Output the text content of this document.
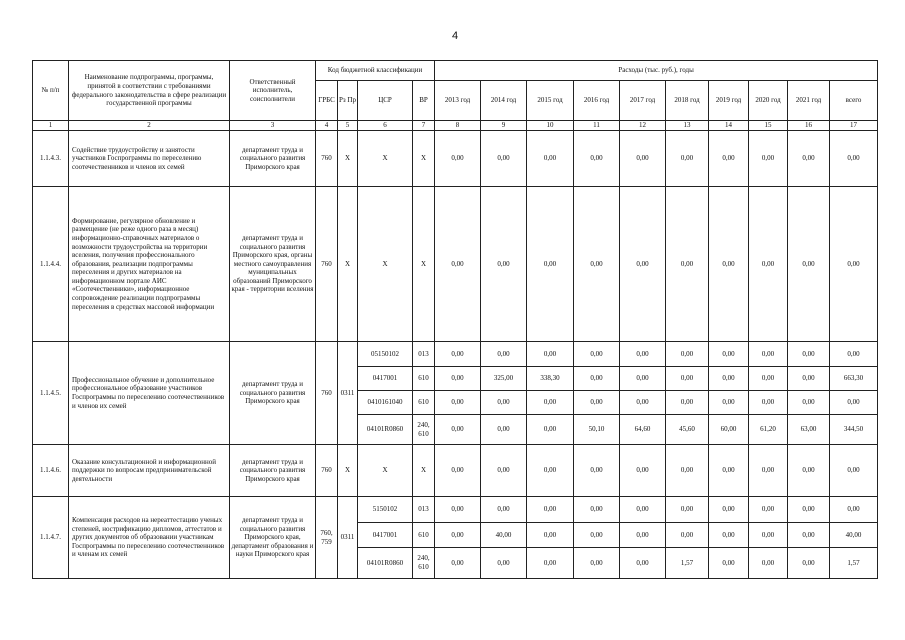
4
№ п/п	Наименование подпрограммы, программы, принятой в соответствии с требованиями федерального законодательства в сфере реализации государственной программы	Ответственный исполнитель, соисполнители	Код бюджетной классификации				Расходы (тыс. руб.), годы									
			ГРБС	Рз Пр	ЦСР	ВР	2013 год	2014 год	2015 год	2016 год	2017 год	2018 год	2019 год	2020 год	2021 год	всего
1	2	3	4	5	6	7	8	9	10	11	12	13	14	15	16	17
1.1.4.3.	Содействие трудоустройству и занятости участников Госпрограммы по переселению соотечественников и членов их семей	департамент труда и социального развития Приморского края	760	X	X	X	0,00	0,00	0,00	0,00	0,00	0,00	0,00	0,00	0,00	0,00
1.1.4.4.	Формирование, регулярное обновление и размещение (не реже одного раза в месяц) информационно-справочных материалов о возможности трудоустройства на территории вселения, получения профессионального образования, реализации подпрограммы переселения и других материалов на информационном портале АИС «Соотечественники», информационное сопровождение реализации подпрограммы переселения в средствах массовой информации	департамент труда и социального развития Приморского края, органы местного самоуправления муниципальных образований Приморского края - территории вселения	760	X	X	X	0,00	0,00	0,00	0,00	0,00	0,00	0,00	0,00	0,00	0,00
1.1.4.5.	Профессиональное обучение и дополнительное профессиональное образование участников Госпрограммы по переселению соотечественников и членов их семей	департамент труда и социального развития Приморского края	760	0311	05150102	013	0,00	0,00	0,00	0,00	0,00	0,00	0,00	0,00	0,00	0,00
					0417001	610	0,00	325,00	338,30	0,00	0,00	0,00	0,00	0,00	0,00	663,30
					0410161040	610	0,00	0,00	0,00	0,00	0,00	0,00	0,00	0,00	0,00	0,00
					04101R0860	240, 610	0,00	0,00	0,00	50,10	64,60	45,60	60,00	61,20	63,00	344,50
1.1.4.6.	Оказание консультационной и информационной поддержки по вопросам предпринимательской деятельности	департамент труда и социального развития Приморского края	760	X	X	X	0,00	0,00	0,00	0,00	0,00	0,00	0,00	0,00	0,00	0,00
1.1.4.7.	Компенсация расходов на нереаттестацию ученых степеней, нострификацию дипломов, аттестатов и других документов об образовании участникам Госпрограммы по переселению соотечественников и членам их семей	департамент труда и социального развития Приморского края, департамент образования и науки Приморского края	760, 759	0311	5150102	013	0,00	0,00	0,00	0,00	0,00	0,00	0,00	0,00	0,00	0,00
					0417001	610	0,00	40,00	0,00	0,00	0,00	0,00	0,00	0,00	0,00	40,00
					04101R0860	240, 610	0,00	0,00	0,00	0,00	0,00	1,57	0,00	0,00	0,00	1,57
